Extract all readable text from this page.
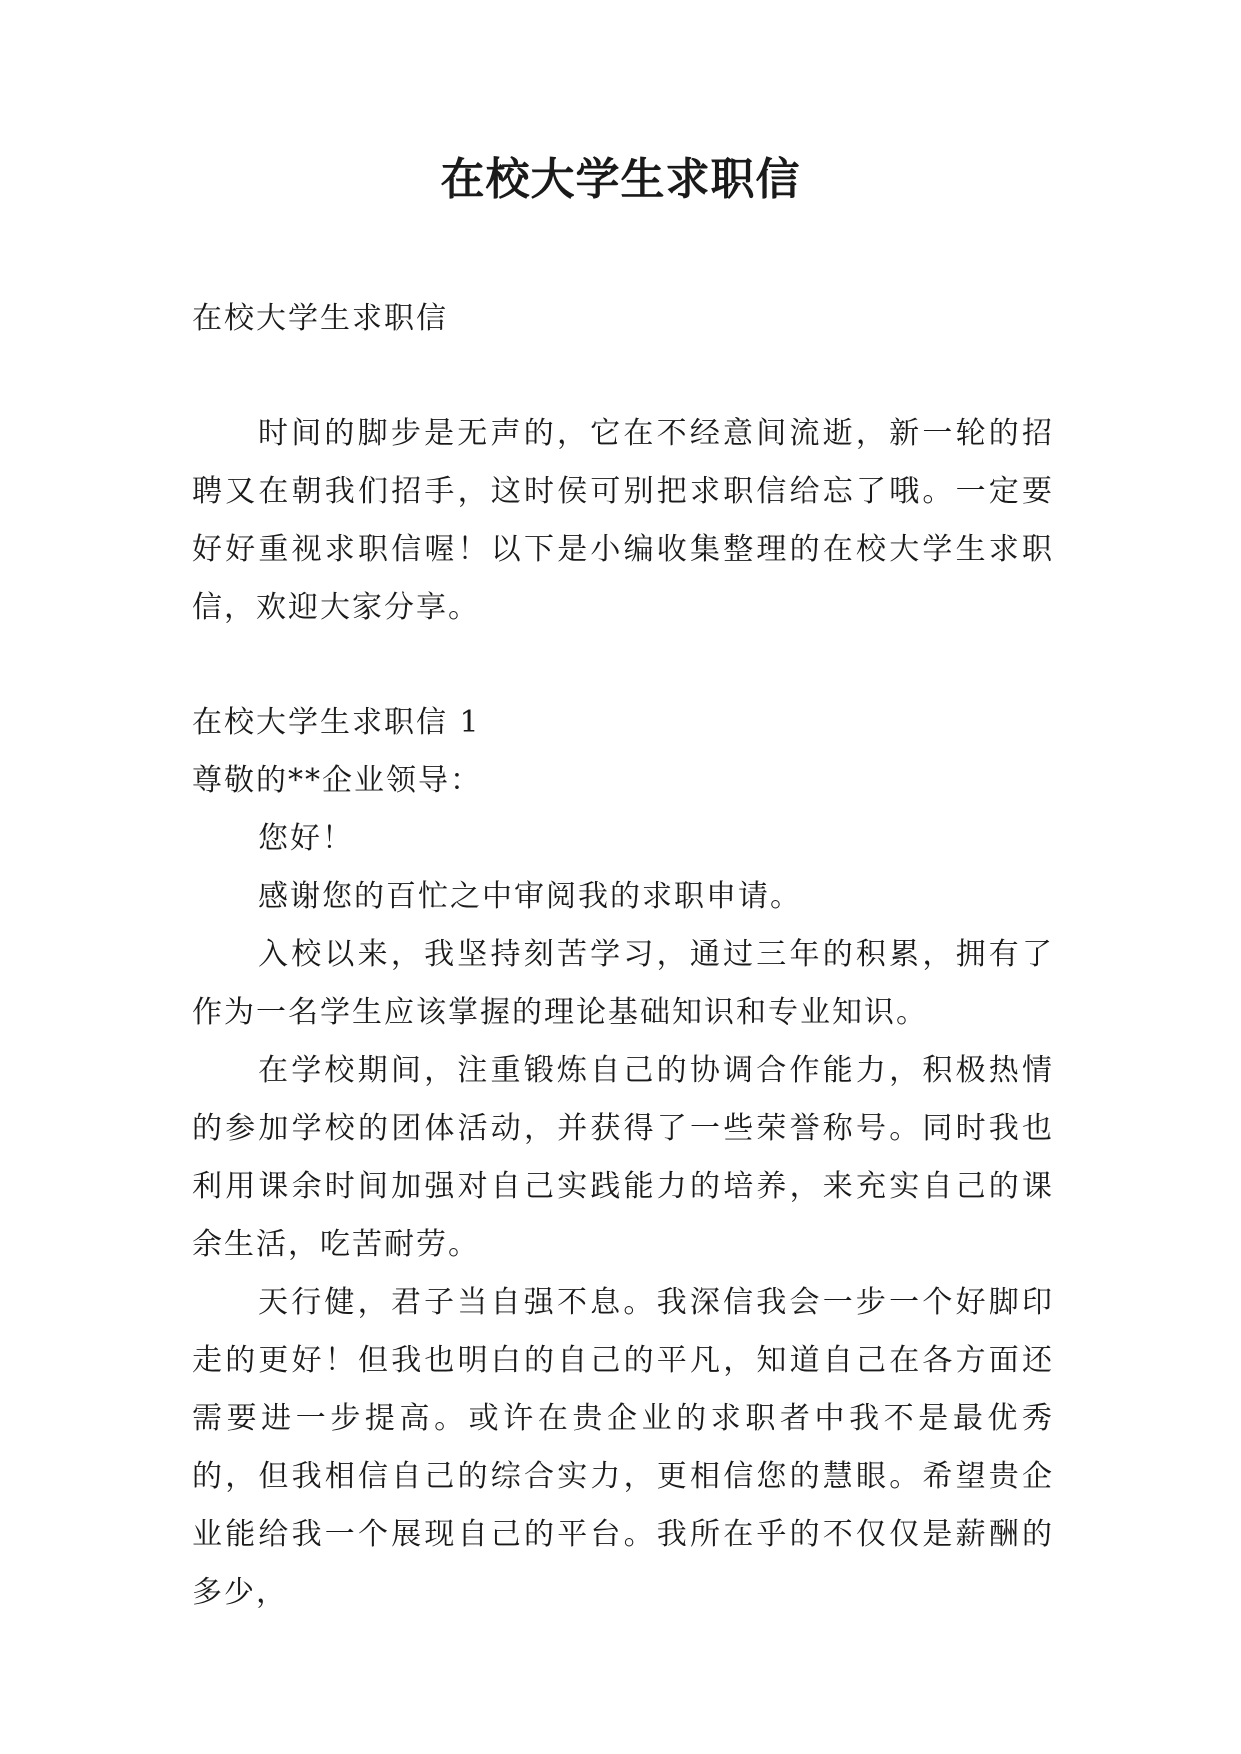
在校大学生求职信

在校大学生求职信

时间的脚步是无声的，它在不经意间流逝，新一轮的招聘又在朝我们招手，这时侯可别把求职信给忘了哦。一定要好好重视求职信喔！以下是小编收集整理的在校大学生求职信，欢迎大家分享。

在校大学生求职信 1

尊敬的**企业领导：

您好！

感谢您的百忙之中审阅我的求职申请。

入校以来，我坚持刻苦学习，通过三年的积累，拥有了作为一名学生应该掌握的理论基础知识和专业知识。

在学校期间，注重锻炼自己的协调合作能力，积极热情的参加学校的团体活动，并获得了一些荣誉称号。同时我也利用课余时间加强对自己实践能力的培养，来充实自己的课余生活，吃苦耐劳。

天行健，君子当自强不息。我深信我会一步一个好脚印走的更好！但我也明白的自己的平凡，知道自己在各方面还需要进一步提高。或许在贵企业的求职者中我不是最优秀的，但我相信自己的综合实力，更相信您的慧眼。希望贵企业能给我一个展现自己的平台。我所在乎的不仅仅是薪酬的多少，
